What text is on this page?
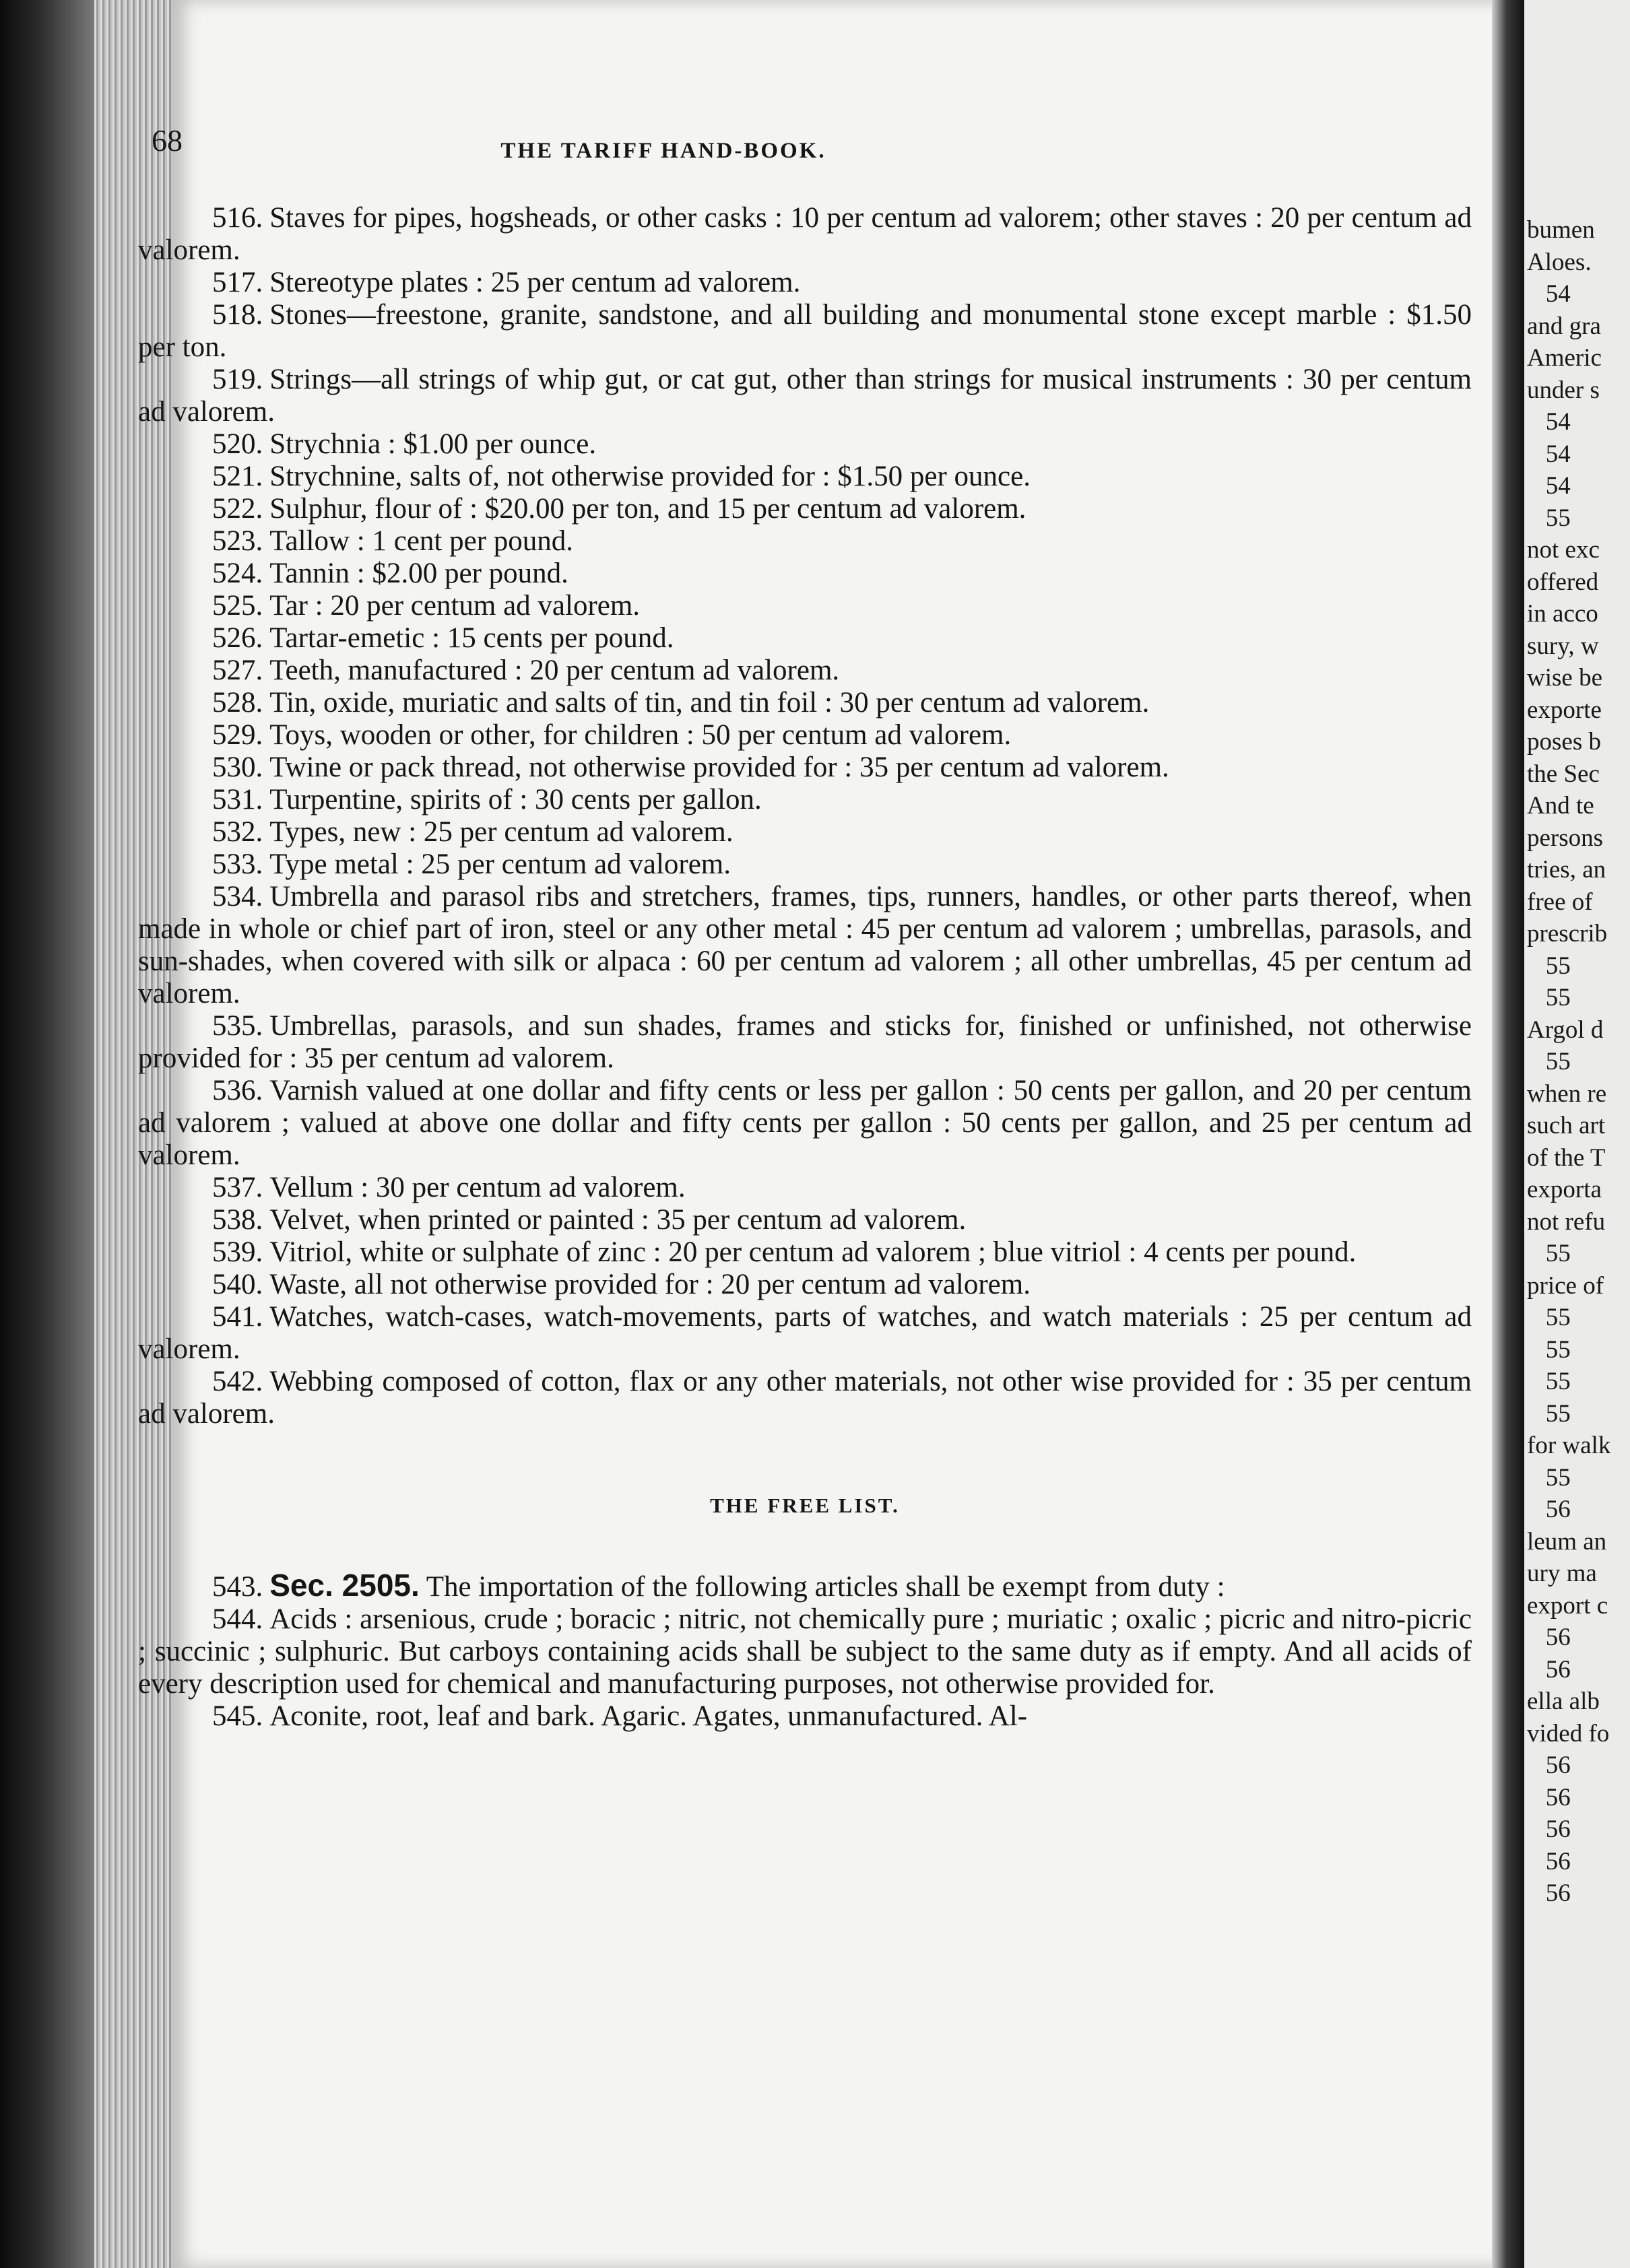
bumen
Aloes.
54
and gra
Americ
under s
54
54
54
55
not exc
offered
in acco
sury, w
wise be
exporte
poses b
the Sec
And te
persons
tries, an
free of
prescrib
55
55
Argol d
55
when re
such art
of the T
exporta
not refu
55
price of
55
55
55
55
for walk
55
56
leum an
ury ma
export c
56
56
ella alb
vided fo
56
56
56
56
56
68	THE TARIFF HAND-BOOK.

516. Staves for pipes, hogsheads, or other casks : 10 per centum ad valorem; other staves : 20 per centum ad valorem.

517. Stereotype plates : 25 per centum ad valorem.

518. Stones—freestone, granite, sandstone, and all building and monumental stone except marble : $1.50 per ton.

519. Strings—all strings of whip gut, or cat gut, other than strings for musical instruments : 30 per centum ad valorem.

520. Strychnia : $1.00 per ounce.

521. Strychnine, salts of, not otherwise provided for : $1.50 per ounce.

522. Sulphur, flour of : $20.00 per ton, and 15 per centum ad valorem.

523. Tallow : 1 cent per pound.

524. Tannin : $2.00 per pound.

525. Tar : 20 per centum ad valorem.

526. Tartar-emetic : 15 cents per pound.

527. Teeth, manufactured : 20 per centum ad valorem.

528. Tin, oxide, muriatic and salts of tin, and tin foil : 30 per centum ad valorem.

529. Toys, wooden or other, for children : 50 per centum ad valorem.

530. Twine or pack thread, not otherwise provided for : 35 per centum ad valorem.

531. Turpentine, spirits of : 30 cents per gallon.

532. Types, new : 25 per centum ad valorem.

533. Type metal : 25 per centum ad valorem.

534. Umbrella and parasol ribs and stretchers, frames, tips, runners, handles, or other parts thereof, when made in whole or chief part of iron, steel or any other metal : 45 per centum ad valorem ; umbrellas, parasols, and sun-shades, when covered with silk or alpaca : 60 per centum ad valorem ; all other umbrellas, 45 per centum ad valorem.

535. Umbrellas, parasols, and sun shades, frames and sticks for, finished or unfinished, not otherwise provided for : 35 per centum ad valorem.

536. Varnish valued at one dollar and fifty cents or less per gallon : 50 cents per gallon, and 20 per centum ad valorem ; valued at above one dollar and fifty cents per gallon : 50 cents per gallon, and 25 per centum ad valorem.

537. Vellum : 30 per centum ad valorem.

538. Velvet, when printed or painted : 35 per centum ad valorem.

539. Vitriol, white or sulphate of zinc : 20 per centum ad valorem ; blue vitriol : 4 cents per pound.

540. Waste, all not otherwise provided for : 20 per centum ad valorem.

541. Watches, watch-cases, watch-movements, parts of watches, and watch materials : 25 per centum ad valorem.

542. Webbing composed of cotton, flax or any other materials, not other wise provided for : 35 per centum ad valorem.

THE FREE LIST.

543. Sec. 2505. The importation of the following articles shall be exempt from duty :

544. Acids : arsenious, crude ; boracic ; nitric, not chemically pure ; muriatic ; oxalic ; picric and nitro-picric ; succinic ; sulphuric. But carboys containing acids shall be subject to the same duty as if empty. And all acids of every description used for chemical and manufacturing purposes, not otherwise provided for.

545. Aconite, root, leaf and bark. Agaric. Agates, unmanufactured. Al-
